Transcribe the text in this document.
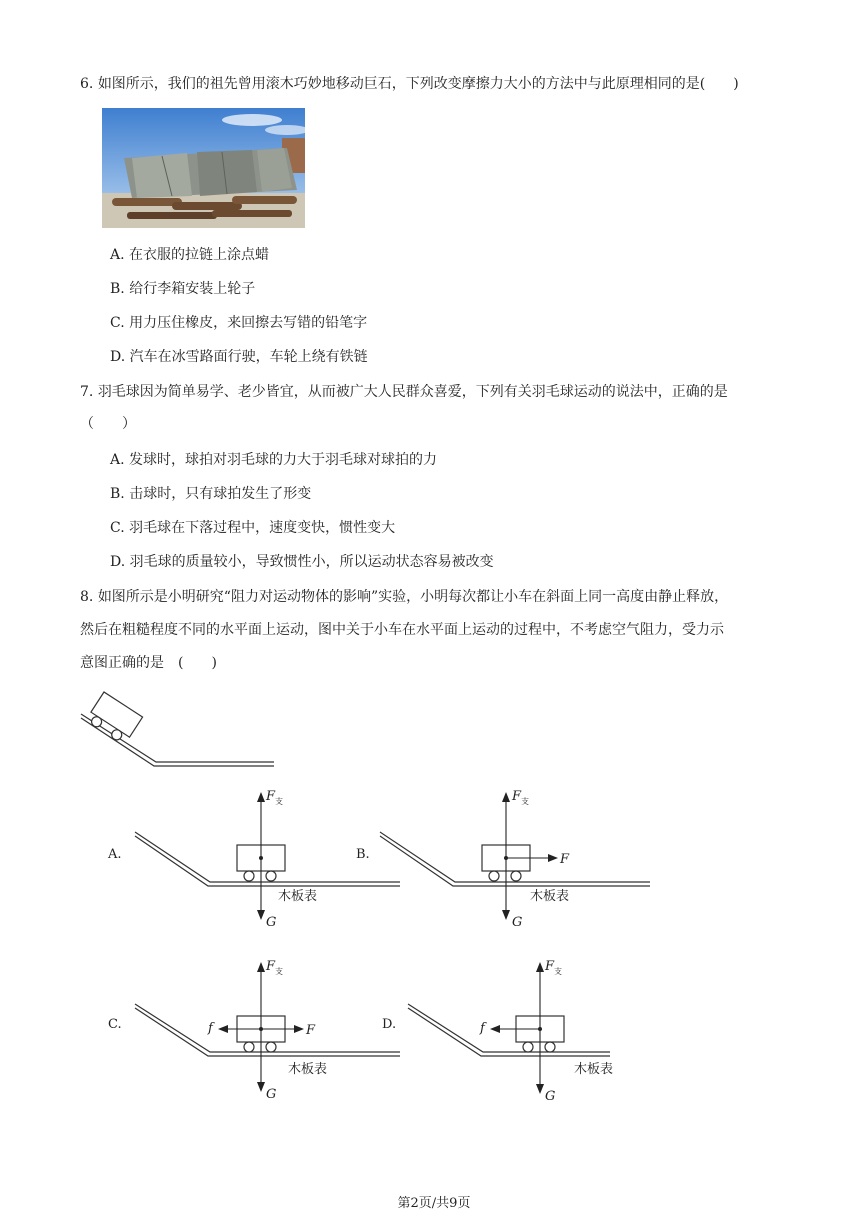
6. 如图所示，我们的祖先曾用滚木巧妙地移动巨石，下列改变摩擦力大小的方法中与此原理相同的是(　　)
A. 在衣服的拉链上涂点蜡
B. 给行李箱安装上轮子
C. 用力压住橡皮，来回擦去写错的铅笔字
D. 汽车在冰雪路面行驶，车轮上绕有铁链
7. 羽毛球因为简单易学、老少皆宜，从而被广大人民群众喜爱，下列有关羽毛球运动的说法中，正确的是
（　　）
A. 发球时，球拍对羽毛球的力大于羽毛球对球拍的力
B. 击球时，只有球拍发生了形变
C. 羽毛球在下落过程中，速度变快，惯性变大
D. 羽毛球的质量较小，导致惯性小，所以运动状态容易被改变
8. 如图所示是小明研究“阻力对运动物体的影响”实验，小明每次都让小车在斜面上同一高度由静止释放，
然后在粗糙程度不同的水平面上运动，图中关于小车在水平面上运动的过程中，不考虑空气阻力，受力示
意图正确的是　(　　)
A.
F 支
G
木板表
B.
F 支
F
G
木板表
C.	f	F
F 支
G
木板表
D.	f
F 支
G
木板表
第2页/共9页
